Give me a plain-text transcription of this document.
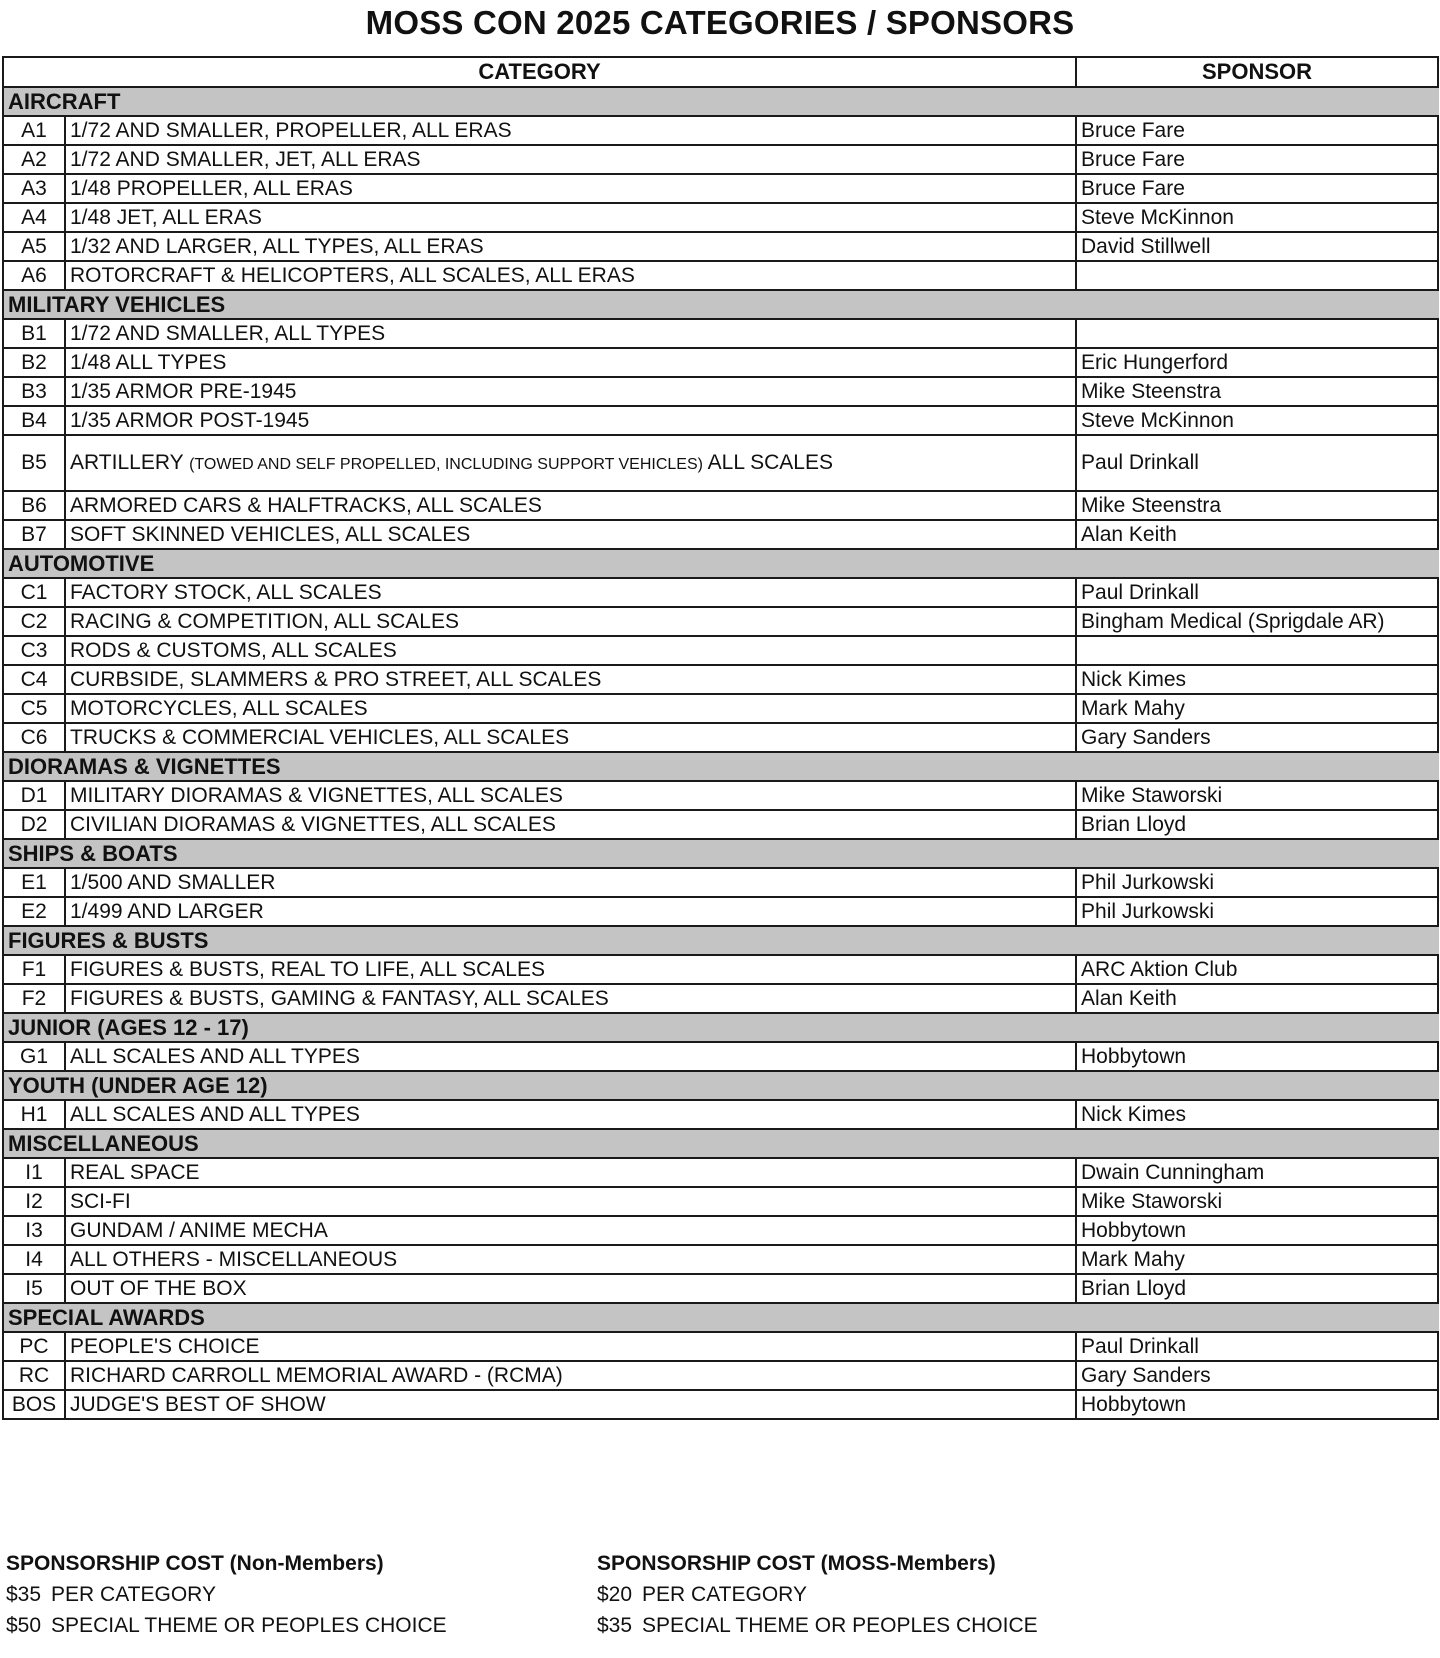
MOSS CON 2025 CATEGORIES / SPONSORS
CATEGORY		SPONSOR
AIRCRAFT		
A1	1/72 AND SMALLER, PROPELLER, ALL ERAS	Bruce Fare
A2	1/72 AND SMALLER, JET, ALL ERAS	Bruce Fare
A3	1/48 PROPELLER, ALL ERAS	Bruce Fare
A4	1/48 JET, ALL ERAS	Steve McKinnon
A5	1/32 AND LARGER, ALL TYPES, ALL ERAS	David Stillwell
A6	ROTORCRAFT & HELICOPTERS, ALL SCALES, ALL ERAS	
MILITARY VEHICLES		
B1	1/72 AND SMALLER, ALL TYPES	
B2	1/48 ALL TYPES	Eric Hungerford
B3	1/35 ARMOR PRE-1945	Mike Steenstra
B4	1/35 ARMOR POST-1945	Steve McKinnon
B5	ARTILLERY (TOWED AND SELF PROPELLED, INCLUDING SUPPORT VEHICLES) ALL SCALES	Paul Drinkall
B6	ARMORED CARS & HALFTRACKS, ALL SCALES	Mike Steenstra
B7	SOFT SKINNED VEHICLES, ALL SCALES	Alan Keith
AUTOMOTIVE		
C1	FACTORY STOCK, ALL SCALES	Paul Drinkall
C2	RACING & COMPETITION, ALL SCALES	Bingham Medical (Sprigdale AR)
C3	RODS & CUSTOMS, ALL SCALES	
C4	CURBSIDE, SLAMMERS & PRO STREET, ALL SCALES	Nick Kimes
C5	MOTORCYCLES, ALL SCALES	Mark Mahy
C6	TRUCKS & COMMERCIAL VEHICLES, ALL SCALES	Gary Sanders
DIORAMAS & VIGNETTES		
D1	MILITARY DIORAMAS & VIGNETTES, ALL SCALES	Mike Staworski
D2	CIVILIAN DIORAMAS & VIGNETTES, ALL SCALES	Brian Lloyd
SHIPS & BOATS		
E1	1/500 AND SMALLER	Phil Jurkowski
E2	1/499 AND LARGER	Phil Jurkowski
FIGURES & BUSTS		
F1	FIGURES & BUSTS, REAL TO LIFE, ALL SCALES	ARC Aktion Club
F2	FIGURES & BUSTS, GAMING & FANTASY, ALL SCALES	Alan Keith
JUNIOR (AGES 12 - 17)		
G1	ALL SCALES AND ALL TYPES	Hobbytown
YOUTH (UNDER AGE 12)		
H1	ALL SCALES AND ALL TYPES	Nick Kimes
MISCELLANEOUS		
I1	REAL SPACE	Dwain Cunningham
I2	SCI-FI	Mike Staworski
I3	GUNDAM / ANIME MECHA	Hobbytown
I4	ALL OTHERS - MISCELLANEOUS	Mark Mahy
I5	OUT OF THE BOX	Brian Lloyd
SPECIAL AWARDS		
PC	PEOPLE'S CHOICE	Paul Drinkall
RC	RICHARD CARROLL MEMORIAL AWARD - (RCMA)	Gary Sanders
BOS	JUDGE'S BEST OF SHOW	Hobbytown
SPONSORSHIP COST (Non-Members)
$35 PER CATEGORY
$50 SPECIAL THEME OR PEOPLES CHOICE
SPONSORSHIP COST (MOSS-Members)
$20 PER CATEGORY
$35 SPECIAL THEME OR PEOPLES CHOICE
